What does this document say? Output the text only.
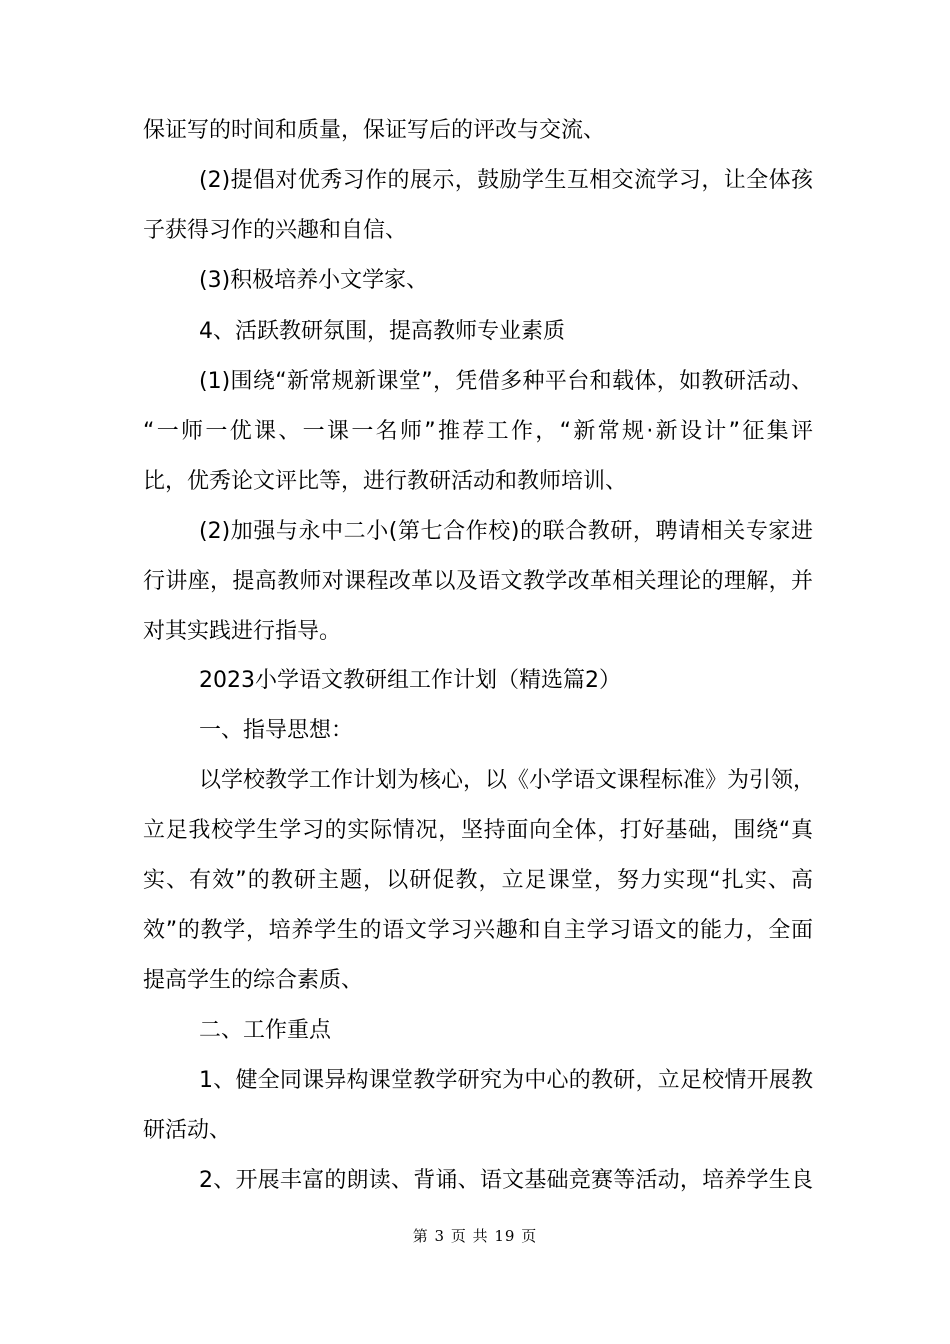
保证写的时间和质量，保证写后的评改与交流、
(2)提倡对优秀习作的展示，鼓励学生互相交流学习，让全体孩
子获得习作的兴趣和自信、
(3)积极培养小文学家、
4、活跃教研氛围，提高教师专业素质
(1)围绕“新常规新课堂”，凭借多种平台和载体，如教研活动、
“一师一优课、一课一名师”推荐工作，“新常规·新设计”征集评
比，优秀论文评比等，进行教研活动和教师培训、
(2)加强与永中二小(第七合作校)的联合教研，聘请相关专家进
行讲座，提高教师对课程改革以及语文教学改革相关理论的理解，并
对其实践进行指导。
2023小学语文教研组工作计划（精选篇2）
一、指导思想：
以学校教学工作计划为核心，以《小学语文课程标准》为引领，
立足我校学生学习的实际情况，坚持面向全体，打好基础，围绕“真
实、有效”的教研主题，以研促教，立足课堂，努力实现“扎实、高
效”的教学，培养学生的语文学习兴趣和自主学习语文的能力，全面
提高学生的综合素质、
二、工作重点
1、健全同课异构课堂教学研究为中心的教研，立足校情开展教
研活动、
2、开展丰富的朗读、背诵、语文基础竞赛等活动，培养学生良
第 3 页 共 19 页
